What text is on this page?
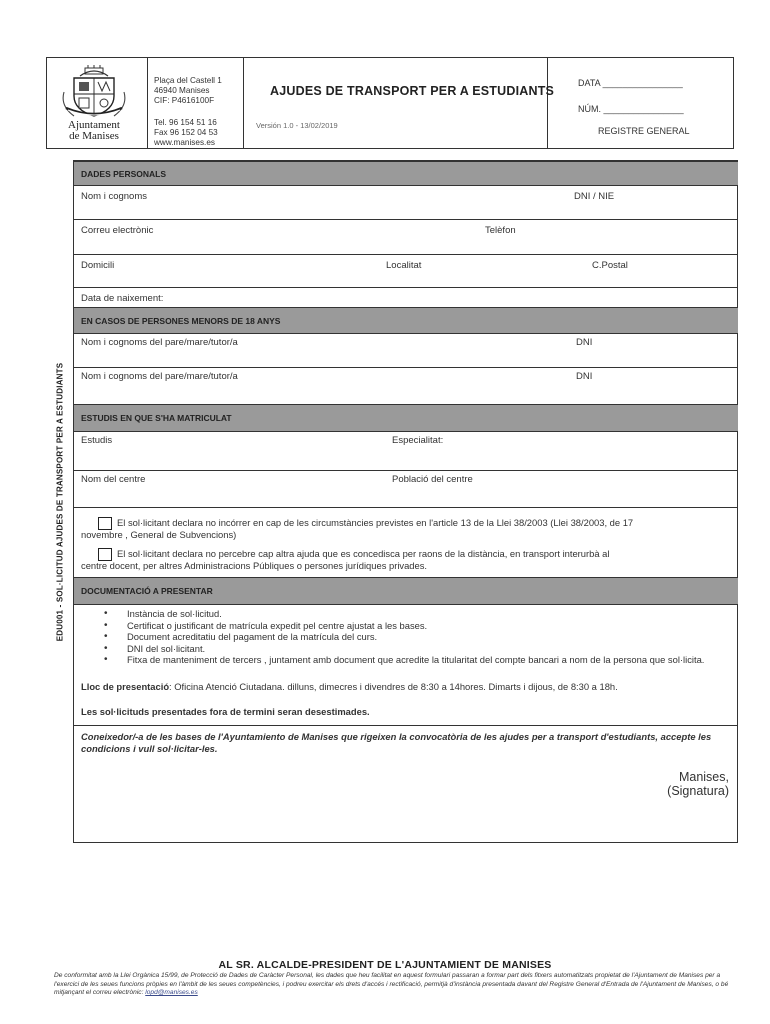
Ajuntament
de Manises
Plaça del Castell 1
46940 Manises
CIF: P4616100F
Tel. 96 154 51 16
Fax 96 152 04 53
www.manises.es
AJUDES DE TRANSPORT PER A ESTUDIANTS
Versión 1.0 - 13/02/2019
DATA ________________
NÚM. ________________
REGISTRE GENERAL
EDU001 - SOL·LICITUD AJUDES DE TRANSPORT PER A ESTUDIANTS
DADES PERSONALS
Nom i cognoms	DNI / NIE
Correu electrònic	Telèfon
Domicili	Localitat	C.Postal
Data de naixement:
EN CASOS DE PERSONES MENORS DE 18 ANYS
Nom i cognoms del pare/mare/tutor/a	DNI
Nom i cognoms del pare/mare/tutor/a	DNI
ESTUDIS EN QUE S'HA MATRICULAT
Estudis	Especialitat:
Nom del centre	Població del centre
El sol·licitant declara no incórrer en cap de les circumstàncies previstes en l'article 13 de la Llei 38/2003 (Llei 38/2003, de 17
novembre , General de Subvencions)
El sol·licitant declara no percebre cap altra ajuda que es concedisca per raons de la distància, en transport interurbà al
centre docent, per altres Administracions Públiques o persones jurídiques privades.
DOCUMENTACIÓ A PRESENTAR
• Instància de sol·licitud.
• Certificat o justificant de matrícula expedit pel centre ajustat a les bases.
• Document acreditatiu del pagament de la matrícula del curs.
• DNI del sol·licitant.
• Fitxa de manteniment de tercers , juntament amb document que acredite la titularitat del compte bancari a nom de la persona que sol·licita.
Lloc de presentació: Oficina Atenció Ciutadana. dilluns, dimecres i divendres de 8:30 a 14hores. Dimarts i dijous, de 8:30 a 18h.
Les sol·licituds presentades fora de termini seran desestimades.
Coneixedor/-a de les bases de l'Ayuntamiento de Manises que rigeixen la convocatòria de les ajudes per a transport d'estudiants, accepte les condicions i vull sol·licitar-les.
Manises,
(Signatura)
AL SR. ALCALDE-PRESIDENT DE L'AJUNTAMIENT DE MANISES
De conformitat amb la Llei Orgànica 15/99, de Protecció de Dades de Caràcter Personal, les dades que heu facilitat en aquest formulari passaran a formar part dels fitxers automatitzats propietat de l'Ajuntament de Manises per a l'exercici de les seues funcions pròpies en l'àmbit de les seues competències, i podreu exercitar els drets d'accés i rectificació, permitjà d'instància presentada davant del Registre General d'Entrada de l'Ajuntament de Manises, o bé mitjançant el correu electrònic: lopd@manises.es
